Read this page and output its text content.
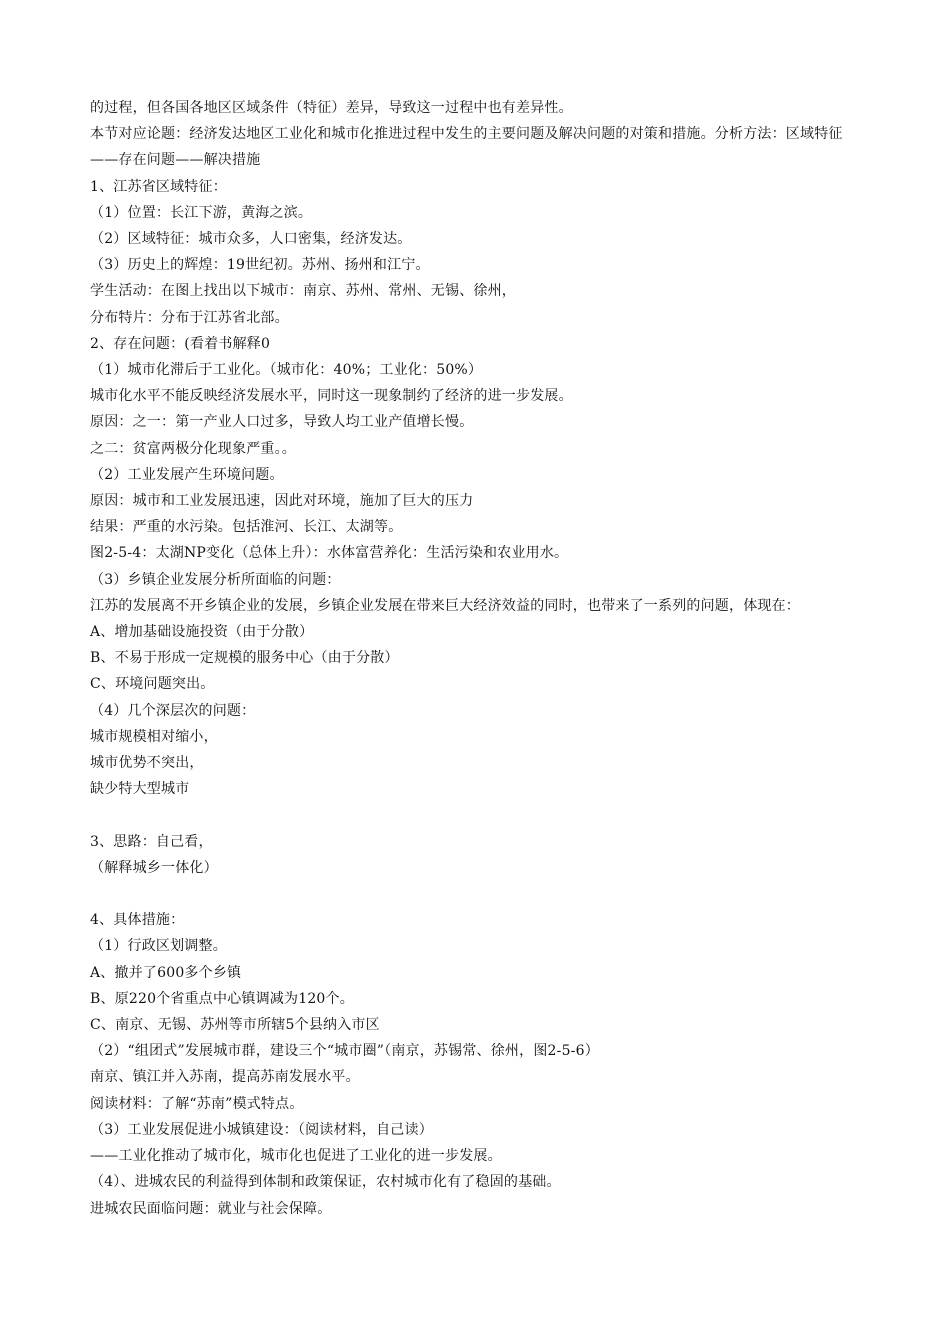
的过程，但各国各地区区域条件（特征）差异，导致这一过程中也有差异性。
本节对应论题：经济发达地区工业化和城市化推进过程中发生的主要问题及解决问题的对策和措施。分析方法：区域特征——存在问题——解决措施
1、江苏省区域特征：
（1）位置：长江下游，黄海之滨。
（2）区域特征：城市众多，人口密集，经济发达。
（3）历史上的辉煌：19世纪初。苏州、扬州和江宁。
学生活动：在图上找出以下城市：南京、苏州、常州、无锡、徐州，
分布特片：分布于江苏省北部。
2、存在问题：(看着书解释0
（1）城市化滞后于工业化。（城市化：40%；工业化：50%）
城市化水平不能反映经济发展水平，同时这一现象制约了经济的进一步发展。
原因：之一：第一产业人口过多，导致人均工业产值增长慢。
之二：贫富两极分化现象严重。。
（2）工业发展产生环境问题。
原因：城市和工业发展迅速，因此对环境，施加了巨大的压力
结果：严重的水污染。包括淮河、长江、太湖等。
图2-5-4：太湖NP变化（总体上升）：水体富营养化：生活污染和农业用水。
（3）乡镇企业发展分析所面临的问题：
江苏的发展离不开乡镇企业的发展，乡镇企业发展在带来巨大经济效益的同时，也带来了一系列的问题，体现在：
A、增加基础设施投资（由于分散）
B、不易于形成一定规模的服务中心（由于分散）
C、环境问题突出。
（4）几个深层次的问题：
城市规模相对缩小，
城市优势不突出，
缺少特大型城市
3、思路：自己看，
（解释城乡一体化）
4、具体措施：
（1）行政区划调整。
A、撤并了600多个乡镇
B、原220个省重点中心镇调减为120个。
C、南京、无锡、苏州等市所辖5个县纳入市区
（2）“组团式”发展城市群，建设三个“城市圈”（南京，苏锡常、徐州，图2-5-6）
南京、镇江并入苏南，提高苏南发展水平。
阅读材料：了解“苏南”模式特点。
（3）工业发展促进小城镇建设：（阅读材料，自己读）
——工业化推动了城市化，城市化也促进了工业化的进一步发展。
（4）、进城农民的利益得到体制和政策保证，农村城市化有了稳固的基础。
进城农民面临问题：就业与社会保障。
